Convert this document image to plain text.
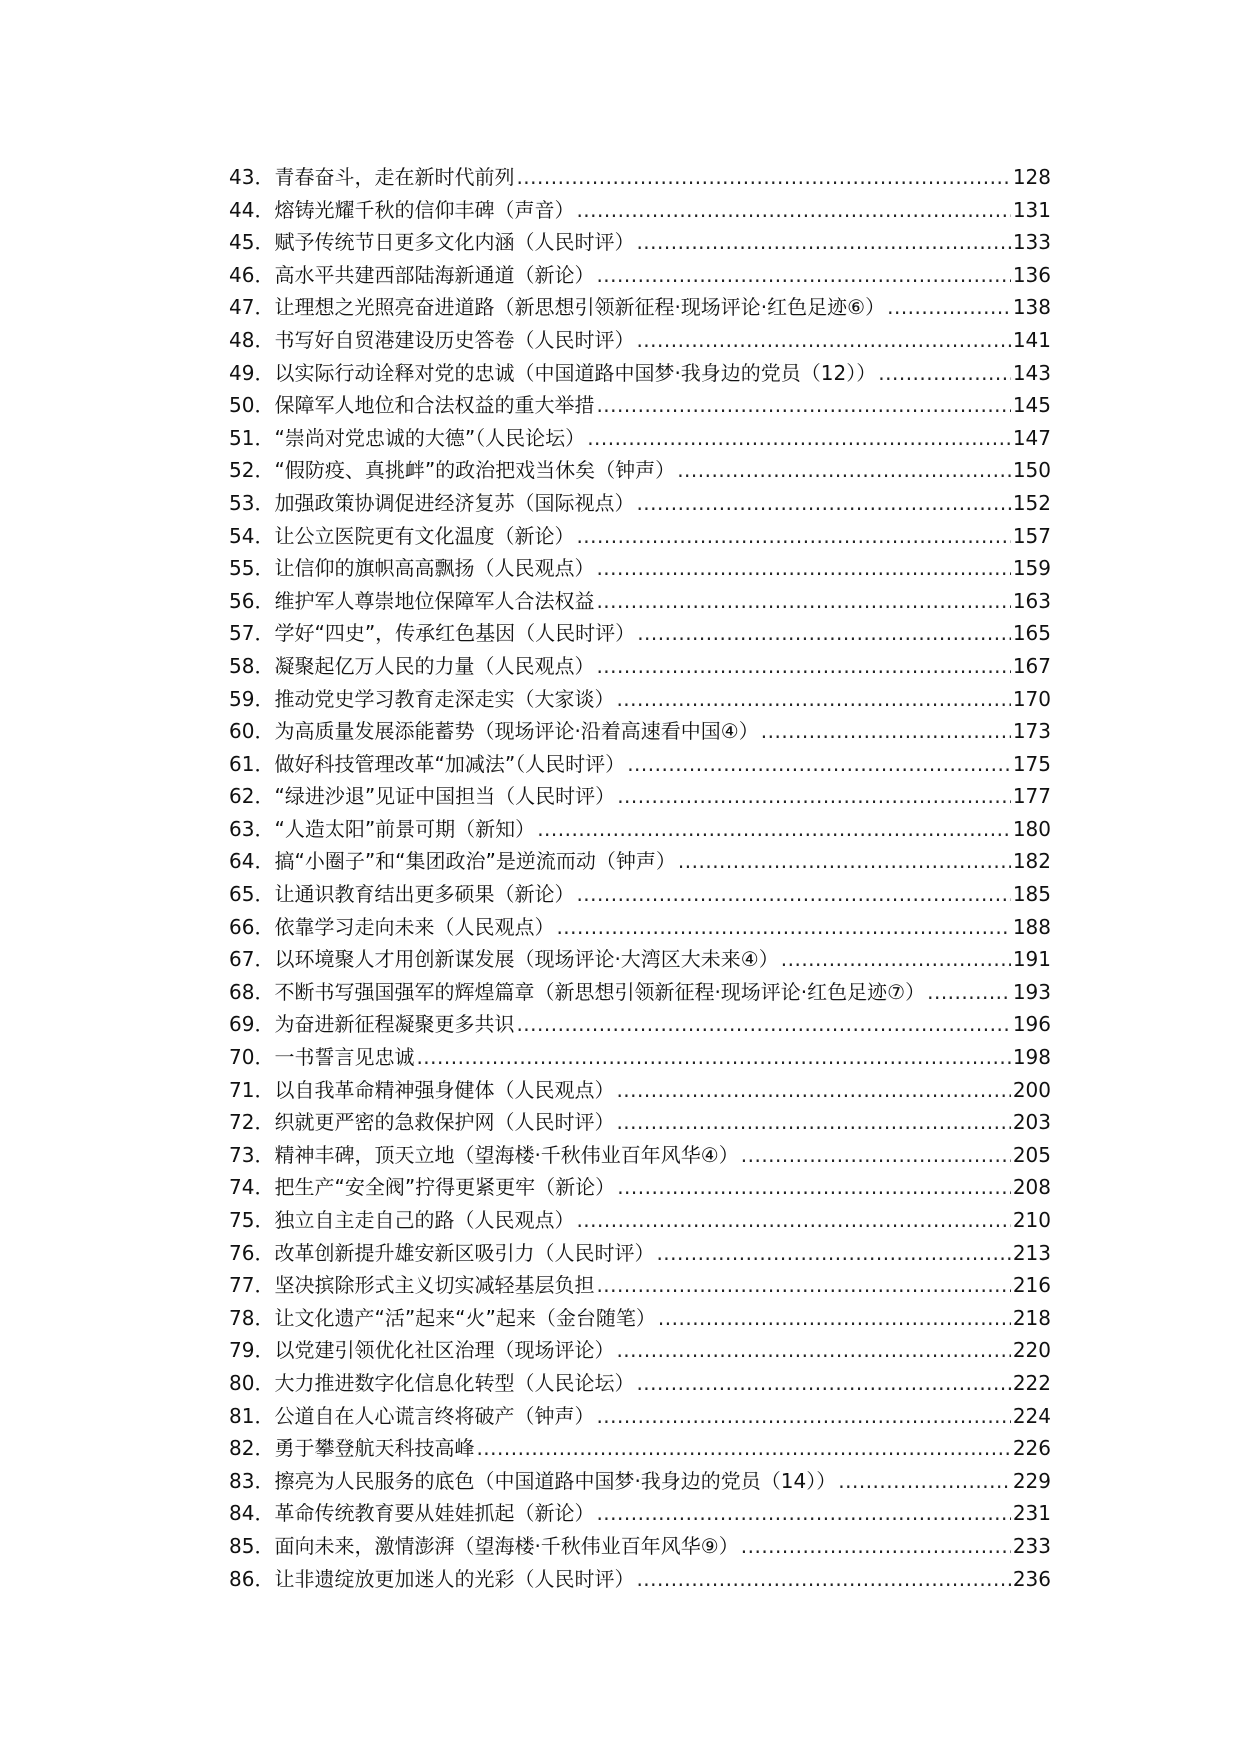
43． 青春奋斗，走在新时代前列 .....	128
44． 熔铸光耀千秋的信仰丰碑（声音） .....	131
45． 赋予传统节日更多文化内涵（人民时评） .....	133
46． 高水平共建西部陆海新通道（新论） .....	136
47． 让理想之光照亮奋进道路（新思想引领新征程·现场评论·红色足迹⑥） .....	138
48． 书写好自贸港建设历史答卷（人民时评） .....	141
49． 以实际行动诠释对党的忠诚（中国道路中国梦·我身边的党员（12）） .....	143
50． 保障军人地位和合法权益的重大举措 .....	145
51． “崇尚对党忠诚的大德”（人民论坛） .....	147
52． “假防疫、真挑衅”的政治把戏当休矣（钟声） .....	150
53． 加强政策协调促进经济复苏（国际视点） .....	152
54． 让公立医院更有文化温度（新论） .....	157
55． 让信仰的旗帜高高飘扬（人民观点） .....	159
56． 维护军人尊崇地位保障军人合法权益 .....	163
57． 学好“四史”，传承红色基因（人民时评） .....	165
58． 凝聚起亿万人民的力量（人民观点） .....	167
59． 推动党史学习教育走深走实（大家谈） .....	170
60． 为高质量发展添能蓄势（现场评论·沿着高速看中国④） .....	173
61． 做好科技管理改革“加减法”（人民时评） .....	175
62． “绿进沙退”见证中国担当（人民时评） .....	177
63． “人造太阳”前景可期（新知） .....	180
64． 搞“小圈子”和“集团政治”是逆流而动（钟声） .....	182
65． 让通识教育结出更多硕果（新论） .....	185
66． 依靠学习走向未来（人民观点） .....	188
67． 以环境聚人才用创新谋发展（现场评论·大湾区大未来④） .....	191
68． 不断书写强国强军的辉煌篇章（新思想引领新征程·现场评论·红色足迹⑦） .....	193
69． 为奋进新征程凝聚更多共识 .....	196
70． 一书誓言见忠诚 .....	198
71． 以自我革命精神强身健体（人民观点） .....	200
72． 织就更严密的急救保护网（人民时评） .....	203
73． 精神丰碑，顶天立地（望海楼·千秋伟业百年风华④） .....	205
74． 把生产“安全阀”拧得更紧更牢（新论） .....	208
75． 独立自主走自己的路（人民观点） .....	210
76． 改革创新提升雄安新区吸引力（人民时评） .....	213
77． 坚决摈除形式主义切实减轻基层负担 .....	216
78． 让文化遗产“活”起来“火”起来（金台随笔） .....	218
79． 以党建引领优化社区治理（现场评论） .....	220
80． 大力推进数字化信息化转型（人民论坛） .....	222
81． 公道自在人心谎言终将破产（钟声） .....	224
82． 勇于攀登航天科技高峰 .....	226
83． 擦亮为人民服务的底色（中国道路中国梦·我身边的党员（14）） .....	229
84． 革命传统教育要从娃娃抓起（新论） .....	231
85． 面向未来，激情澎湃（望海楼·千秋伟业百年风华⑨） .....	233
86． 让非遗绽放更加迷人的光彩（人民时评） .....	236
